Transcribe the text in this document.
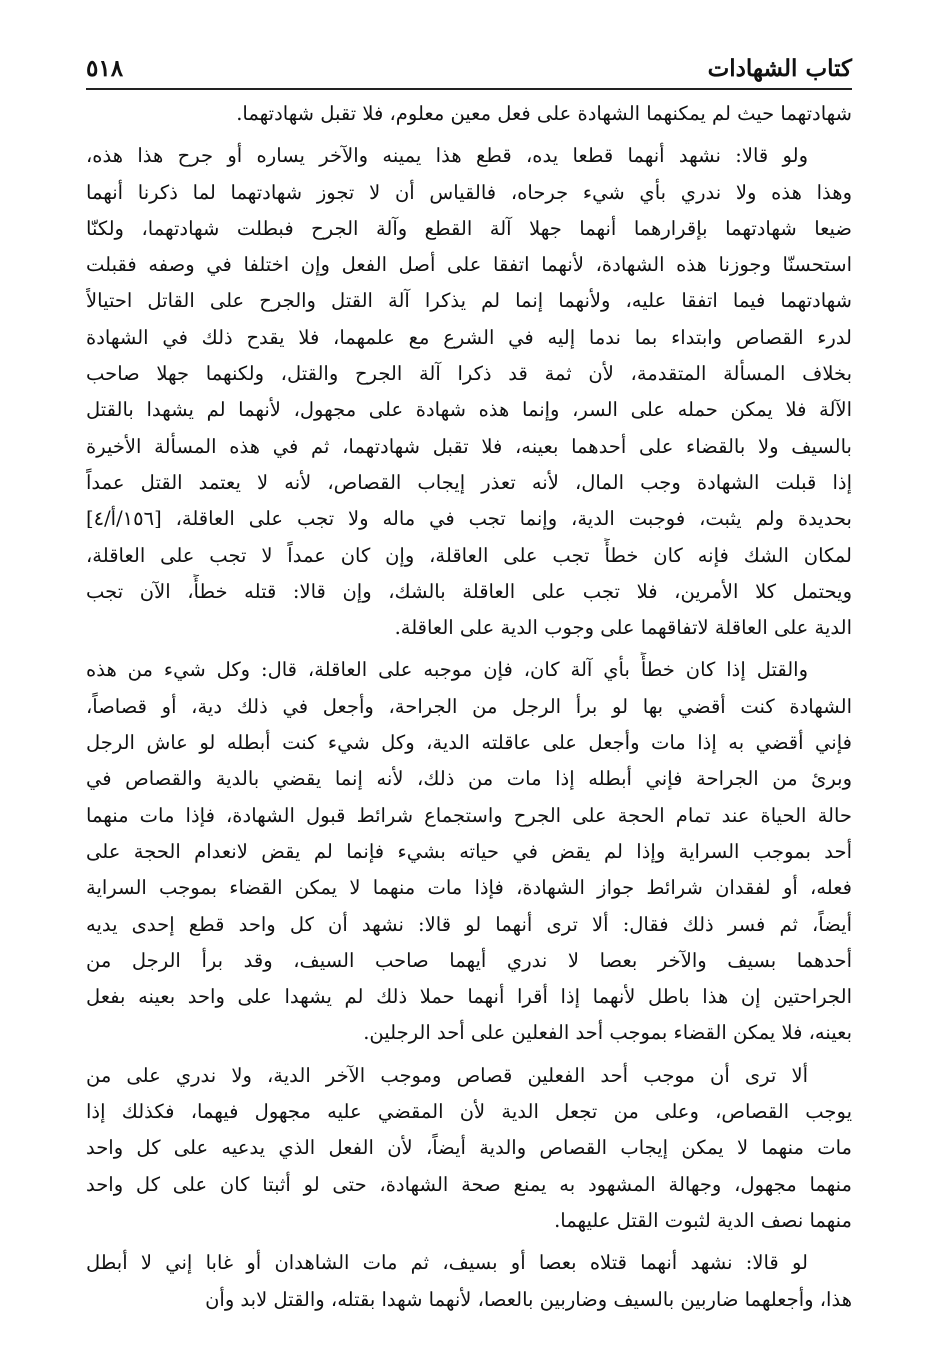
كتاب الشهادات
٥١٨
شهادتهما حيث لم يمكنهما الشهادة على فعل معين معلوم، فلا تقبل شهادتهما.
ولو قالا: نشهد أنهما قطعا يده، قطع هذا يمينه والآخر يساره أو جرح هذا هذه،
وهذا هذه ولا ندري بأي شيء جرحاه، فالقياس أن لا تجوز شهادتهما لما ذكرنا أنهما
ضيعا شهادتهما بإقرارهما أنهما جهلا آلة القطع وآلة الجرح فبطلت شهادتهما، ولكنّا
استحسنّا وجوزنا هذه الشهادة، لأنهما اتفقا على أصل الفعل وإن اختلفا في وصفه فقبلت
شهادتهما فيما اتفقا عليه، ولأنهما إنما لم يذكرا آلة القتل والجرح على القاتل احتيالاً
لدرء القصاص وابتداء بما ندما إليه في الشرع مع علمهما، فلا يقدح ذلك في الشهادة
بخلاف المسألة المتقدمة، لأن ثمة قد ذكرا آلة الجرح والقتل، ولكنهما جهلا صاحب
الآلة فلا يمكن حمله على السر، وإنما هذه شهادة على مجهول، لأنهما لم يشهدا بالقتل
بالسيف ولا بالقضاء على أحدهما بعينه، فلا تقبل شهادتهما، ثم في هذه المسألة الأخيرة
إذا قبلت الشهادة وجب المال، لأنه تعذر إيجاب القصاص، لأنه لا يعتمد القتل عمداً
بحديدة ولم يثبت، فوجبت الدية، وإنما تجب في ماله ولا تجب على العاقلة، [١٥٦/أ/٤]
لمكان الشك فإنه كان خطأً تجب على العاقلة، وإن كان عمداً لا تجب على العاقلة،
ويحتمل كلا الأمرين، فلا تجب على العاقلة بالشك، وإن قالا: قتله خطأً، الآن تجب
الدية على العاقلة لاتفاقهما على وجوب الدية على العاقلة.
والقتل إذا كان خطأً بأي آلة كان، فإن موجبه على العاقلة، قال: وكل شيء من هذه
الشهادة كنت أقضي بها لو برأ الرجل من الجراحة، وأجعل في ذلك دية، أو قصاصاً،
فإني أقضي به إذا مات وأجعل على عاقلته الدية، وكل شيء كنت أبطله لو عاش الرجل
وبرئ من الجراحة فإني أبطله إذا مات من ذلك، لأنه إنما يقضي بالدية والقصاص في
حالة الحياة عند تمام الحجة على الجرح واستجماع شرائط قبول الشهادة، فإذا مات منهما
أحد بموجب السراية وإذا لم يقض في حياته بشيء فإنما لم يقض لانعدام الحجة على
فعله، أو لفقدان شرائط جواز الشهادة، فإذا مات منهما لا يمكن القضاء بموجب السراية
أيضاً، ثم فسر ذلك فقال: ألا ترى أنهما لو قالا: نشهد أن كل واحد قطع إحدى يديه
أحدهما بسيف والآخر بعصا لا ندري أيهما صاحب السيف، وقد برأ الرجل من
الجراحتين إن هذا باطل لأنهما إذا أقرا أنهما حملا ذلك لم يشهدا على واحد بعينه بفعل
بعينه، فلا يمكن القضاء بموجب أحد الفعلين على أحد الرجلين.
ألا ترى أن موجب أحد الفعلين قصاص وموجب الآخر الدية، ولا ندري على من
يوجب القصاص، وعلى من تجعل الدية لأن المقضي عليه مجهول فيهما، فكذلك إذا
مات منهما لا يمكن إيجاب القصاص والدية أيضاً، لأن الفعل الذي يدعيه على كل واحد
منهما مجهول، وجهالة المشهود به يمنع صحة الشهادة، حتى لو أثبتا كان على كل واحد
منهما نصف الدية لثبوت القتل عليهما.
لو قالا: نشهد أنهما قتلاه بعصا أو بسيف، ثم مات الشاهدان أو غابا إني لا أبطل
هذا، وأجعلهما ضاربين بالسيف وضاربين بالعصا، لأنهما شهدا بقتله، والقتل لابد وأن
